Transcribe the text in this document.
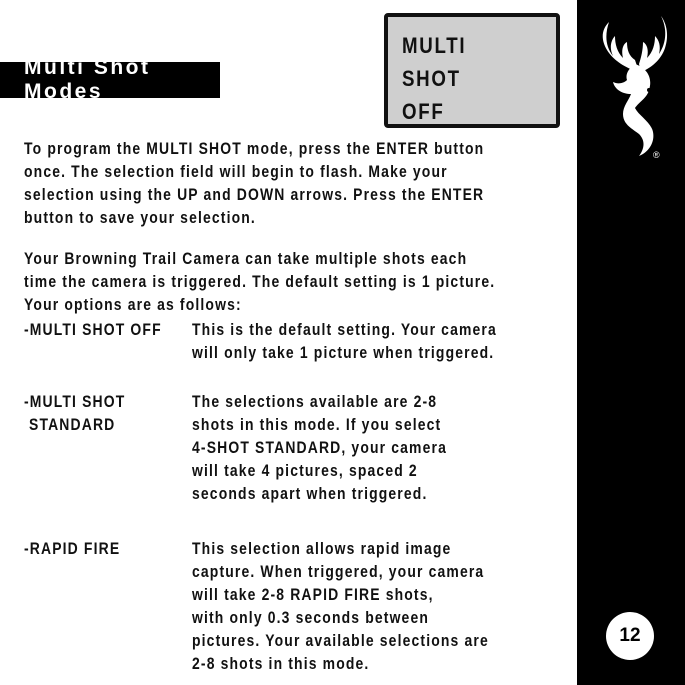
Multi Shot Modes
MULTI
SHOT
OFF
To program the MULTI SHOT mode, press the ENTER button
once. The selection field will begin to flash. Make your
selection using the UP and DOWN arrows. Press the ENTER
button to save your selection.
Your Browning Trail Camera can take multiple shots each
time the camera is triggered. The default setting is 1 picture.
Your options are as follows:
-MULTI SHOT OFF This is the default setting. Your camera
will only take 1 picture when triggered.
-MULTI SHOT
STANDARD
The selections available are 2-8
shots in this mode. If you select
4-SHOT STANDARD, your camera
will take 4 pictures, spaced 2
seconds apart when triggered.
-RAPID FIRE	This selection allows rapid image
capture. When triggered, your camera
will take 2-8 RAPID FIRE shots,
with only 0.3 seconds between
pictures. Your available selections are
2-8 shots in this mode.
®
12
